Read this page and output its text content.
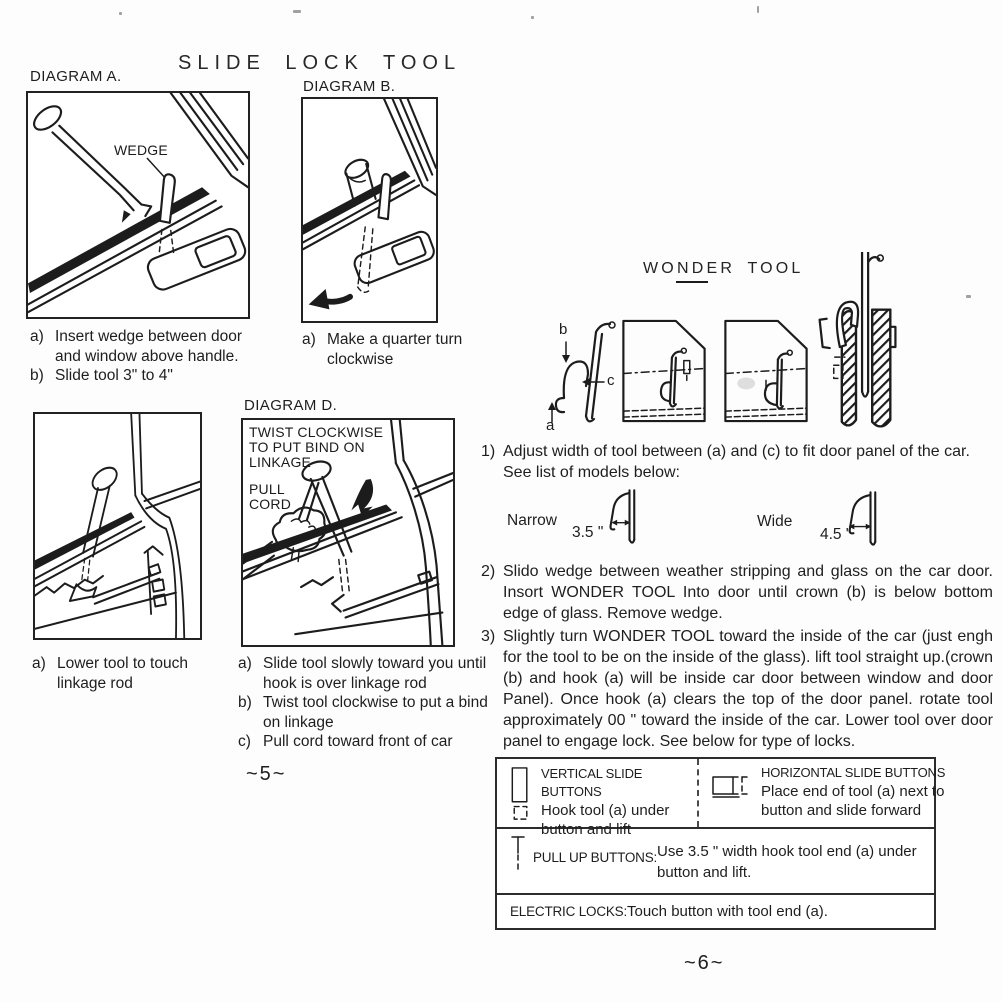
SLIDE LOCK TOOL
DIAGRAM A.
WEDGE
DIAGRAM B.
a) Insert wedge between door and window above handle.
b) Slide tool 3" to 4"
a) Make a quarter turn clockwise
DIAGRAM D.
TWIST CLOCKWISE TO PUT BIND ON LINKAGE
PULL CORD
a) Lower tool to touch linkage rod
a) Slide tool slowly toward you until hook is over linkage rod
b) Twist tool clockwise to put a bind on linkage
c) Pull cord toward front of car
~5~
WONDER TOOL
b
c
a
1) Adjust width of tool between (a) and (c) to fit door panel of the car. See list of models below:
Narrow
3.5 "
Wide
4.5 "
2) Slido wedge between weather stripping and glass on the car door. Insort WONDER TOOL Into door until crown (b) is below bottom edge of glass. Remove wedge.
3) Slightly turn WONDER TOOL toward the inside of the car (just engh for the tool to be on the inside of the glass). lift tool straight up.(crown (b) and hook (a) will be inside car door between window and door Panel). Once hook (a) clears the top of the door panel. rotate tool approximately 00 " toward the inside of the car. Lower tool over door panel to engage lock. See below for type of locks.
VERTICAL SLIDE BUTTONS
Hook tool (a) under button and lift
HORIZONTAL SLIDE BUTTONS
Place end of tool (a) next to button and slide forward
PULL UP BUTTONS: Use 3.5 " width hook tool end (a) under button and lift.
ELECTRIC LOCKS: Touch button with tool end (a).
~6~
